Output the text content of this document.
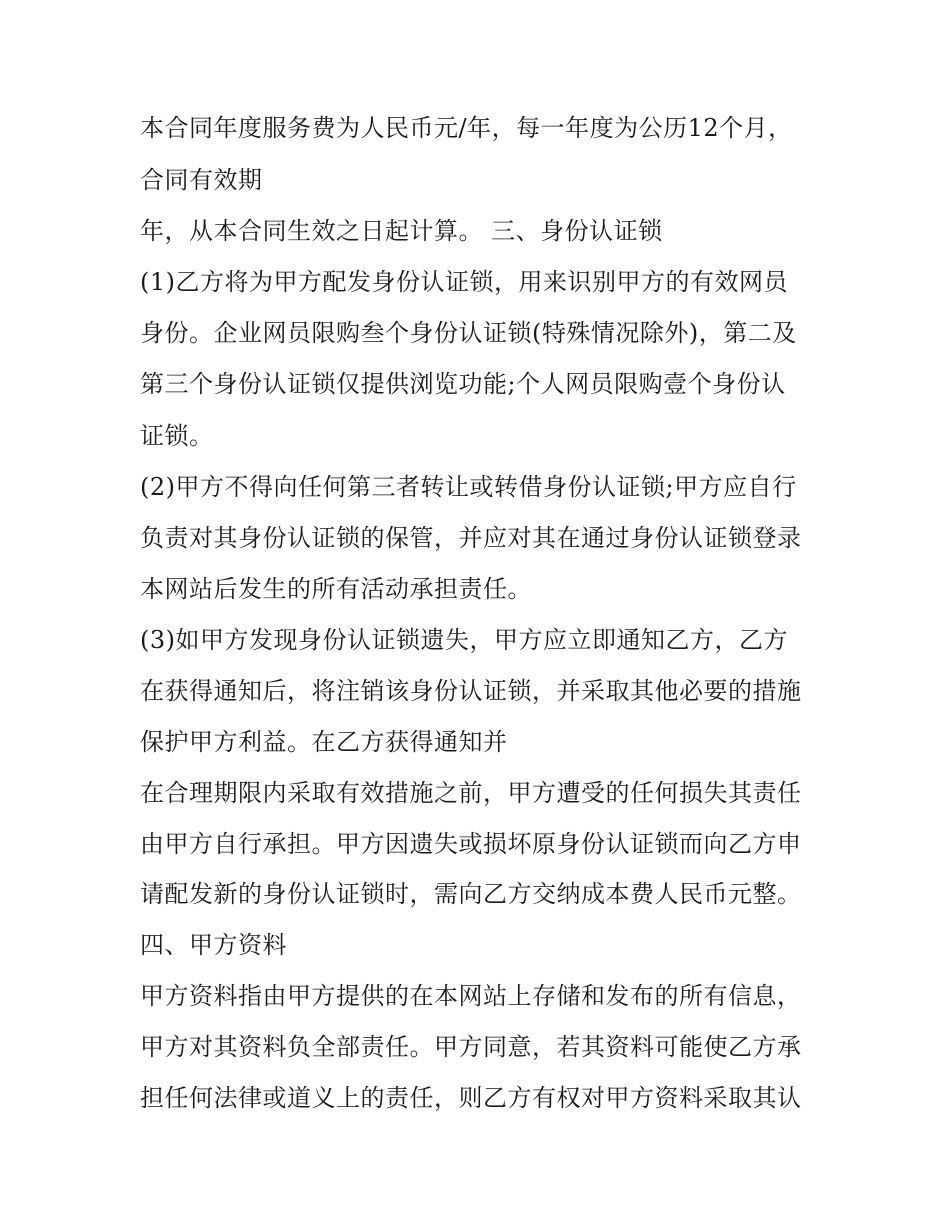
本合同年度服务费为人民币元/年，每一年度为公历12个月，
合同有效期
年，从本合同生效之日起计算。 三、身份认证锁
(1)乙方将为甲方配发身份认证锁，用来识别甲方的有效网员
身份。企业网员限购叁个身份认证锁(特殊情况除外)，第二及
第三个身份认证锁仅提供浏览功能;个人网员限购壹个身份认
证锁。
(2)甲方不得向任何第三者转让或转借身份认证锁;甲方应自行
负责对其身份认证锁的保管，并应对其在通过身份认证锁登录
本网站后发生的所有活动承担责任。
(3)如甲方发现身份认证锁遗失，甲方应立即通知乙方，乙方
在获得通知后，将注销该身份认证锁，并采取其他必要的措施
保护甲方利益。在乙方获得通知并
在合理期限内采取有效措施之前，甲方遭受的任何损失其责任
由甲方自行承担。甲方因遗失或损坏原身份认证锁而向乙方申
请配发新的身份认证锁时，需向乙方交纳成本费人民币元整。
四、甲方资料
甲方资料指由甲方提供的在本网站上存储和发布的所有信息，
甲方对其资料负全部责任。甲方同意，若其资料可能使乙方承
担任何法律或道义上的责任，则乙方有权对甲方资料采取其认
